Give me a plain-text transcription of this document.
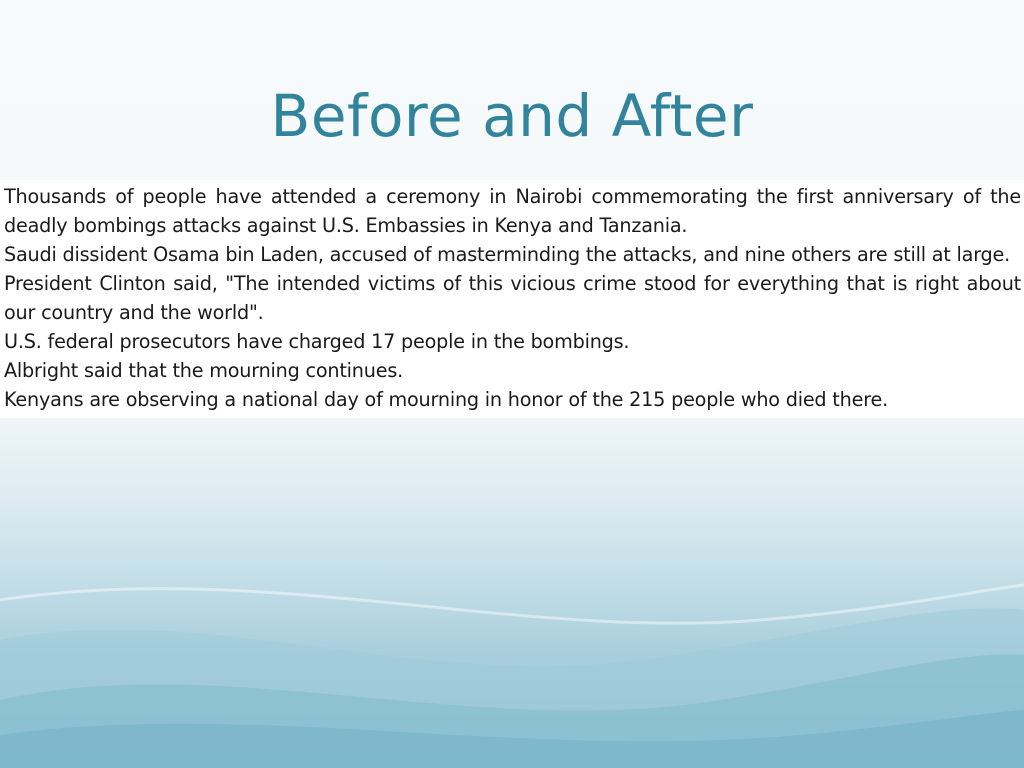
Before and After
Thousands of people have attended a ceremony in Nairobi commemorating the first anniversary of the
deadly bombings attacks against U.S. Embassies in Kenya and Tanzania.
Saudi dissident Osama bin Laden, accused of masterminding the attacks, and nine others are still at large.
President Clinton said, "The intended victims of this vicious crime stood for everything that is right about
our country and the world".
U.S. federal prosecutors have charged 17 people in the bombings.
Albright said that the mourning continues.
Kenyans are observing a national day of mourning in honor of the 215 people who died there.
